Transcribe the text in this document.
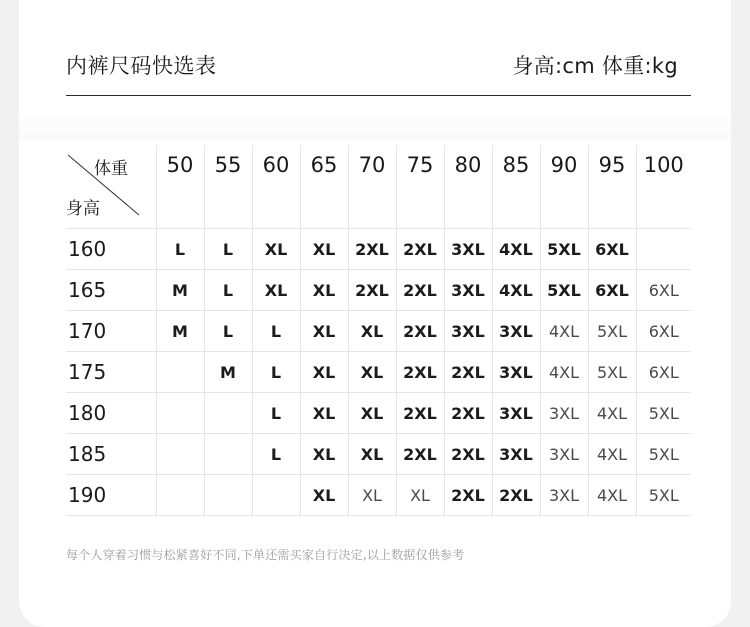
内裤尺码快选表	身高:cm 体重:kg
体重
身高	50	55	60	65	70	75	80	85	90	95	100
160	L	L	XL	XL	2XL	2XL	3XL	4XL	5XL	6XL	
165	M	L	XL	XL	2XL	2XL	3XL	4XL	5XL	6XL	6XL
170	M	L	L	XL	XL	2XL	3XL	3XL	4XL	5XL	6XL
175		M	L	XL	XL	2XL	2XL	3XL	4XL	5XL	6XL
180			L	XL	XL	2XL	2XL	3XL	3XL	4XL	5XL
185			L	XL	XL	2XL	2XL	3XL	3XL	4XL	5XL
190				XL	XL	XL	2XL	2XL	3XL	4XL	5XL
每个人穿着习惯与松紧喜好不同,下单还需买家自行决定,以上数据仅供参考
